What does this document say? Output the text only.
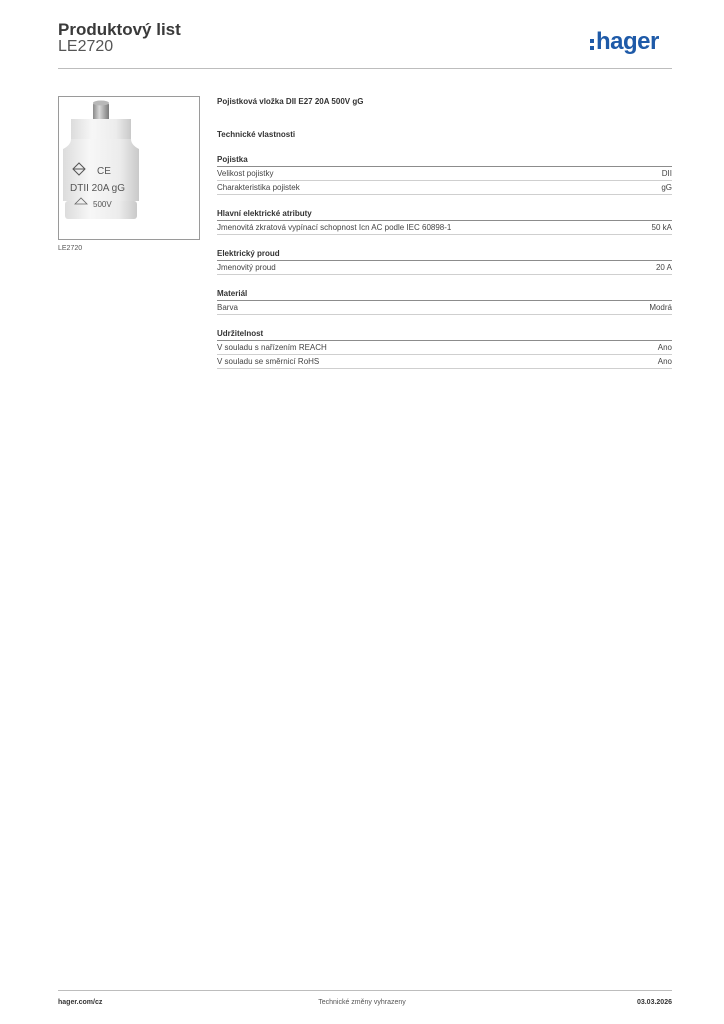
Produktový list
LE2720	hager
CE
DTII 20A gG
500V
LE2720
Pojistková vložka DII E27 20A 500V gG
Technické vlastnosti
Pojistka
Velikost pojistky	DII
Charakteristika pojistek	gG
Hlavní elektrické atributy
Jmenovitá zkratová vypínací schopnost Icn AC podle IEC 60898-1	50 kA
Elektrický proud
Jmenovitý proud	20 A
Materiál
Barva	Modrá
Udržitelnost
V souladu s nařízením REACH	Ano
V souladu se směrnicí RoHS	Ano
hager.com/cz	Technické změny vyhrazeny	03.03.2026
